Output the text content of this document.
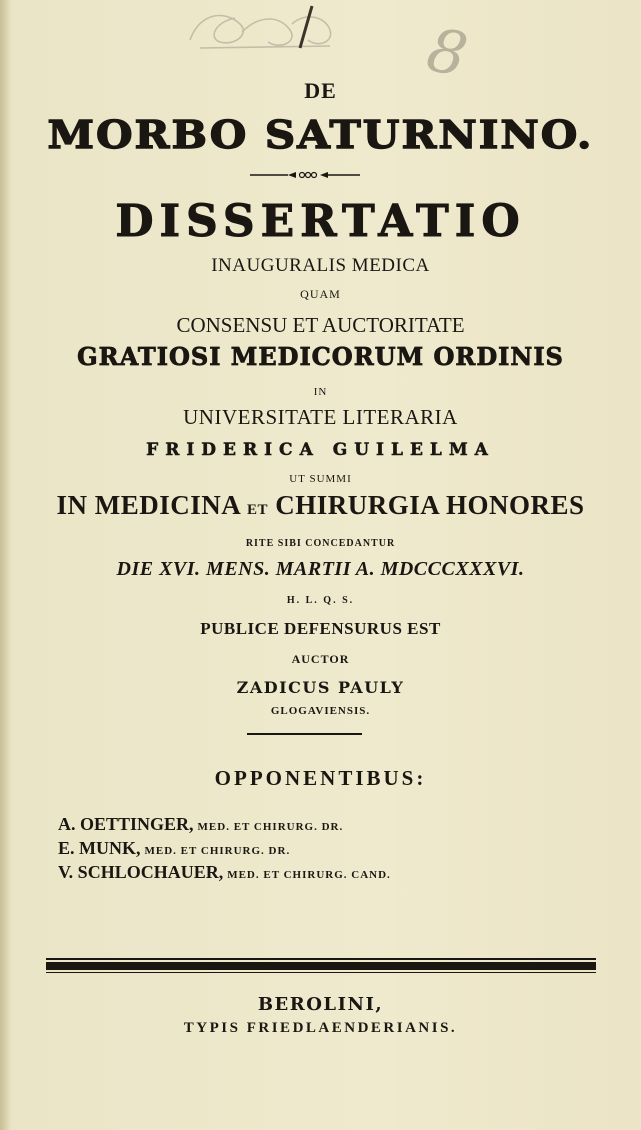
8
DE
MORBO SATURNINO.
DISSERTATIO
INAUGURALIS MEDICA
QUAM
CONSENSU ET AUCTORITATE
GRATIOSI MEDICORUM ORDINIS
IN
UNIVERSITATE LITERARIA
FRIDERICA GUILELMA
UT SUMMI
IN MEDICINA ET CHIRURGIA HONORES
RITE SIBI CONCEDANTUR
DIE XVI. MENS. MARTII A. MDCCCXXXVI.
H. L. Q. S.
PUBLICE DEFENSURUS EST
AUCTOR
ZADICUS PAULY
GLOGAVIENSIS.
OPPONENTIBUS:
A. OETTINGER, MED. ET CHIRURG. DR.
E. MUNK, MED. ET CHIRURG. DR.
V. SCHLOCHAUER, MED. ET CHIRURG. CAND.
BEROLINI,
TYPIS FRIEDLAENDERIANIS.
